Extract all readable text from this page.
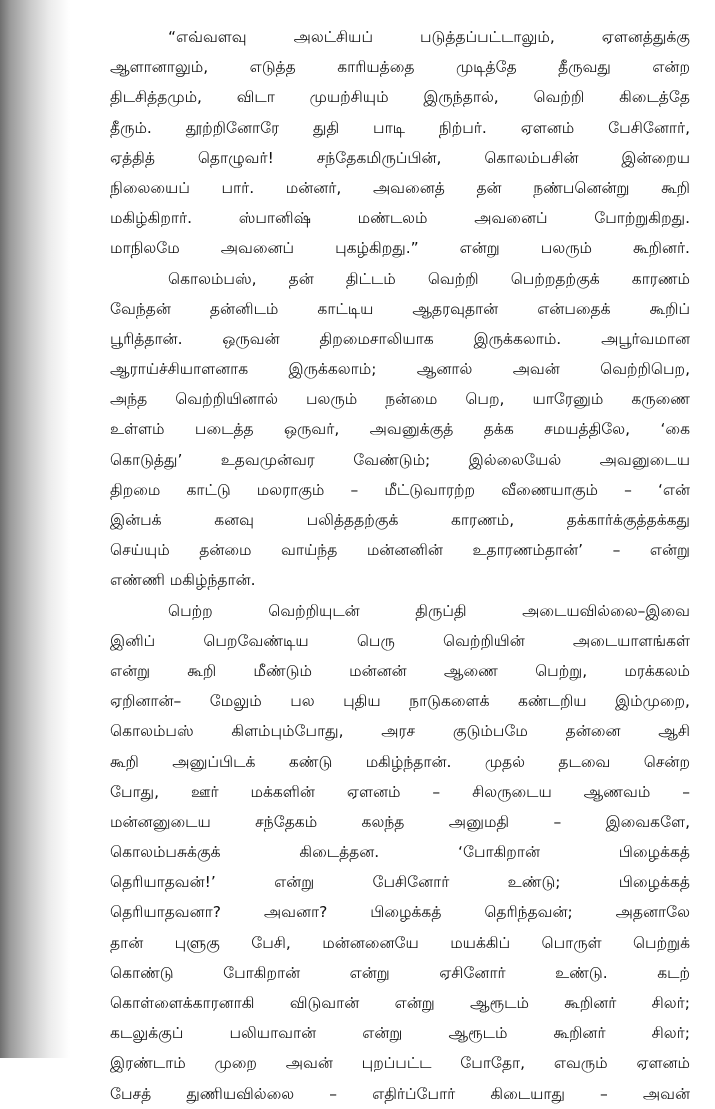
“எவ்வளவு அலட்சியப் படுத்தப்பட்டாலும், ஏளனத்துக்கு
ஆளானாலும், எடுத்த காரியத்தை முடித்தே தீருவது என்ற
திடசித்தமும், விடா முயற்சியும் இருந்தால், வெற்றி கிடைத்தே
தீரும். தூற்றினோரே துதி பாடி நிற்பர். ஏளனம் பேசினோர்,
ஏத்தித் தொழுவர்! சந்தேகமிருப்பின், கொலம்பசின் இன்றைய
நிலையைப் பார். மன்னர், அவனைத் தன் நண்பனென்று கூறி
மகிழ்கிறார். ஸ்பானிஷ் மண்டலம் அவனைப் போற்றுகிறது.
மாநிலமே அவனைப் புகழ்கிறது.” என்று பலரும் கூறினர்.

கொலம்பஸ், தன் திட்டம் வெற்றி பெற்றதற்குக் காரணம்
வேந்தன் தன்னிடம் காட்டிய ஆதரவுதான் என்பதைக் கூறிப்
பூரித்தான். ஒருவன் திறமைசாலியாக இருக்கலாம். அபூர்வமான
ஆராய்ச்சியாளனாக இருக்கலாம்; ஆனால் அவன் வெற்றிபெற,
அந்த வெற்றியினால் பலரும் நன்மை பெற, யாரேனும் கருணை
உள்ளம் படைத்த ஒருவர், அவனுக்குத் தக்க சமயத்திலே, ‘கை
கொடுத்து’ உதவமுன்வர வேண்டும்; இல்லையேல் அவனுடைய
திறமை காட்டு மலராகும் – மீட்டுவாரற்ற வீணையாகும் – ‘என்
இன்பக் கனவு பலித்ததற்குக் காரணம், தக்கார்க்குத்தக்கது
செய்யும் தன்மை வாய்ந்த மன்னனின் உதாரணம்தான்’ – என்று
எண்ணி மகிழ்ந்தான்.

பெற்ற வெற்றியுடன் திருப்தி அடையவில்லை–இவை
இனிப் பெறவேண்டிய பெரு வெற்றியின் அடையாளங்கள்
என்று கூறி மீண்டும் மன்னன் ஆணை பெற்று, மரக்கலம்
ஏறினான்– மேலும் பல புதிய நாடுகளைக் கண்டறிய இம்முறை,
கொலம்பஸ் கிளம்பும்போது, அரச குடும்பமே தன்னை ஆசி
கூறி அனுப்பிடக் கண்டு மகிழ்ந்தான். முதல் தடவை சென்ற
போது, ஊர் மக்களின் ஏளனம் – சிலருடைய ஆணவம் –
மன்னனுடைய சந்தேகம் கலந்த அனுமதி – இவைகளே,
கொலம்பசுக்குக் கிடைத்தன. ‘போகிறான் பிழைக்கத்
தெரியாதவன்!’ என்று பேசினோர் உண்டு; பிழைக்கத்
தெரியாதவனா? அவனா? பிழைக்கத் தெரிந்தவன்; அதனாலே
தான் புளுகு பேசி, மன்னனையே மயக்கிப் பொருள் பெற்றுக்
கொண்டு போகிறான் என்று ஏசினோர் உண்டு. கடற்
கொள்ளைக்காரனாகி விடுவான் என்று ஆரூடம் கூறினர் சிலர்;
கடலுக்குப் பலியாவான் என்று ஆரூடம் கூறினர் சிலர்;
இரண்டாம் முறை அவன் புறப்பட்ட போதோ, எவரும் ஏளனம்
பேசத் துணியவில்லை – எதிர்ப்போர் கிடையாது – அவன்
